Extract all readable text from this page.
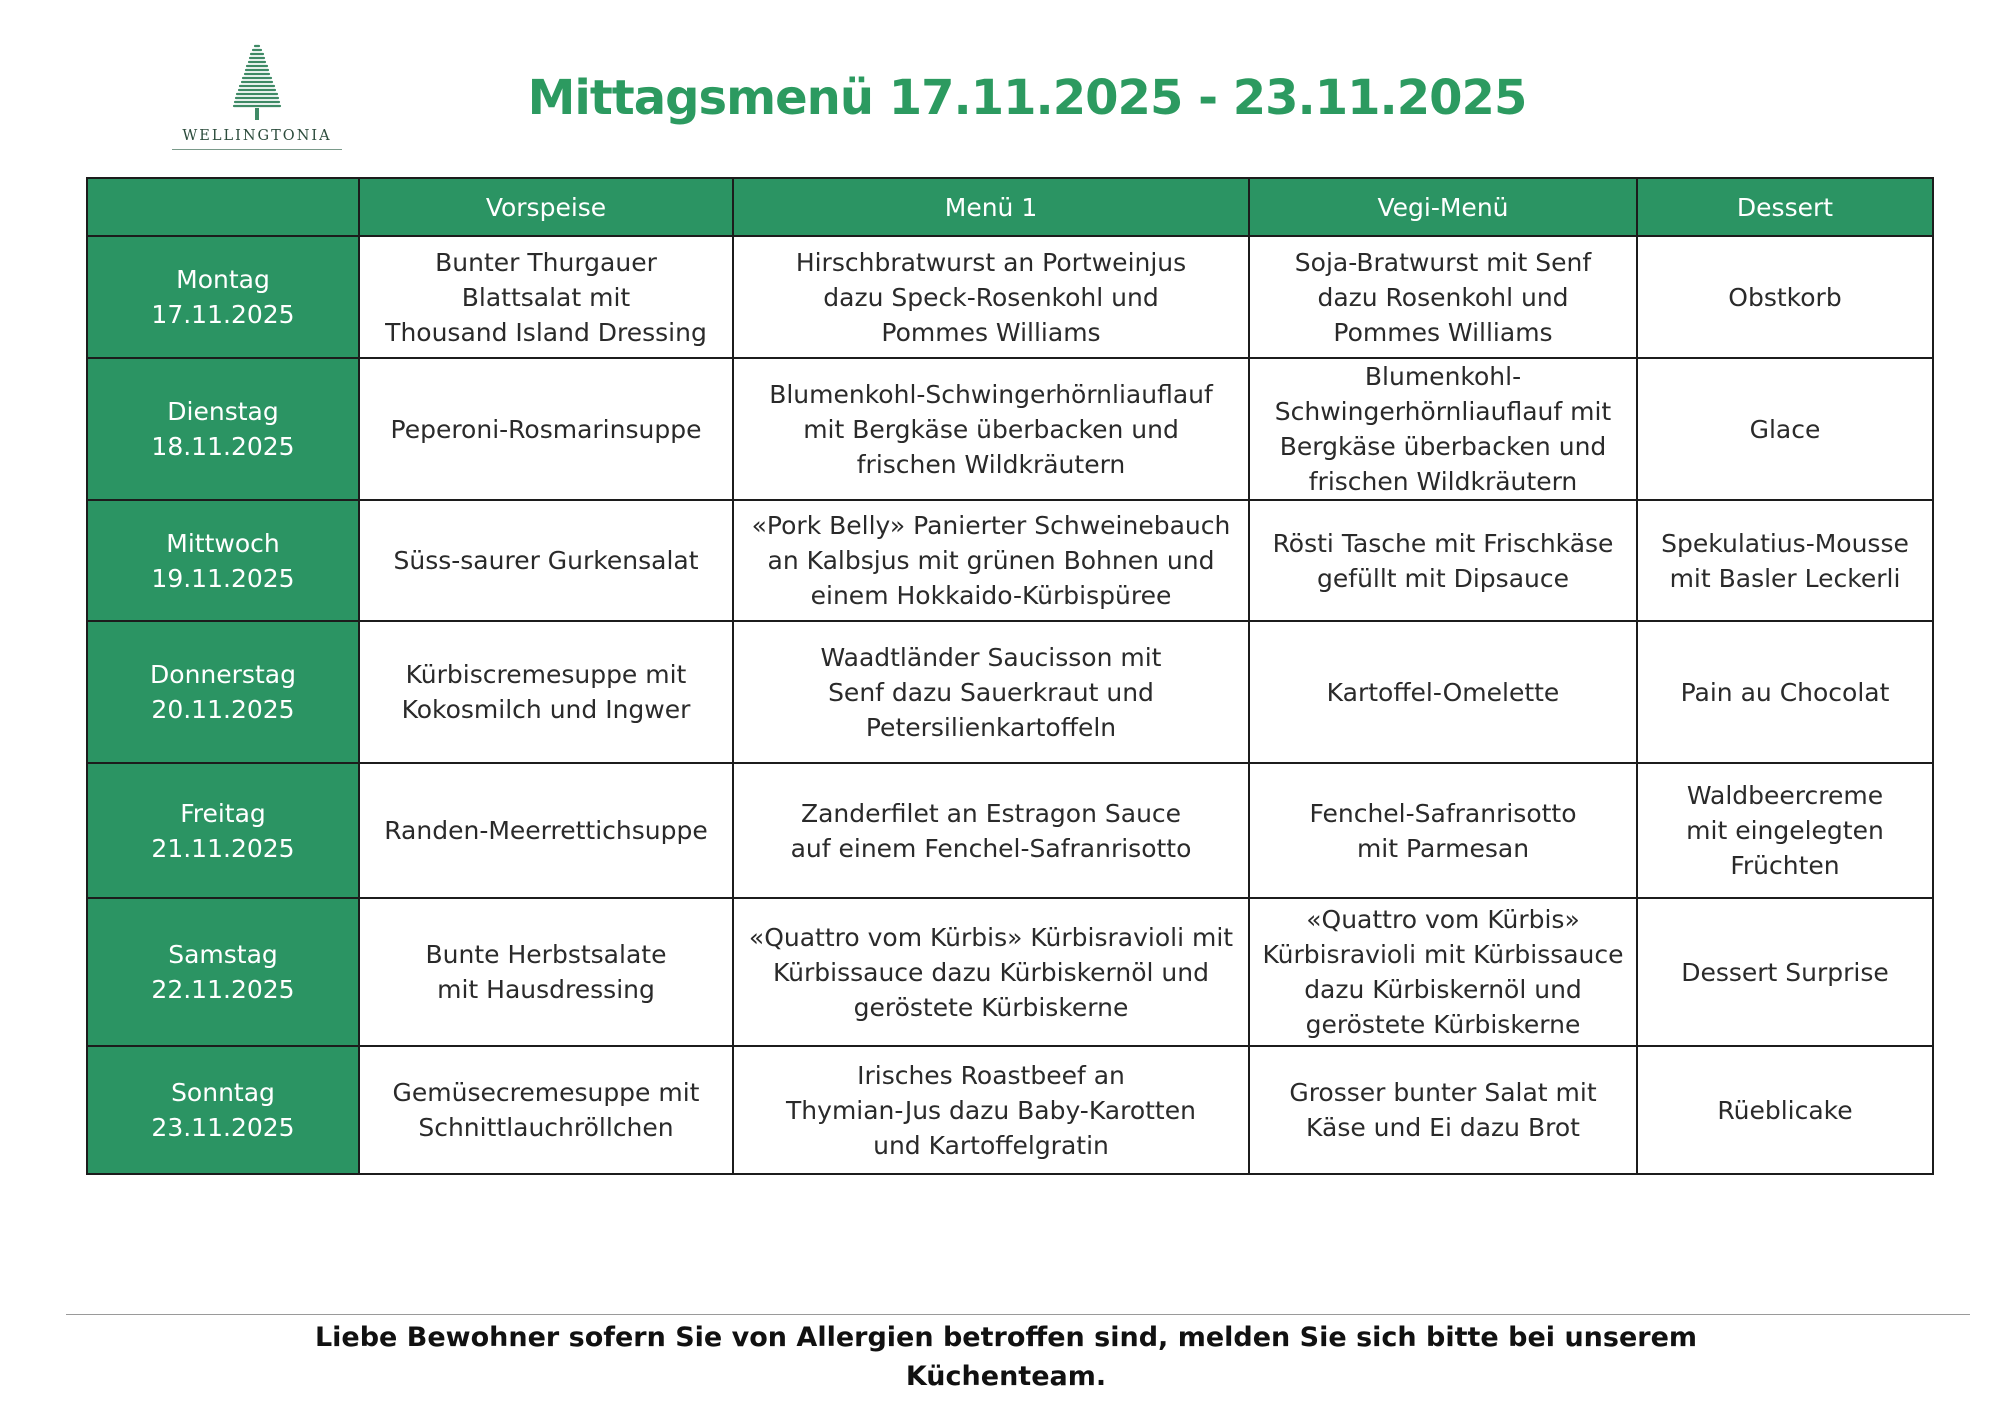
WELLINGTONIA
Mittagsmenü 17.11.2025 - 23.11.2025
	Vorspeise	Menü 1	Vegi-Menü	Dessert

Montag
17.11.2025	Bunter Thurgauer
Blattsalat mit
Thousand Island Dressing	Hirschbratwurst an Portweinjus
dazu Speck-Rosenkohl und
Pommes Williams	Soja-Bratwurst mit Senf
dazu Rosenkohl und
Pommes Williams	Obstkorb

Dienstag
18.11.2025	Peperoni-Rosmarinsuppe	Blumenkohl-Schwingerhörnliauflauf
mit Bergkäse überbacken und
frischen Wildkräutern	Blumenkohl-
Schwingerhörnliauflauf mit
Bergkäse überbacken und
frischen Wildkräutern	Glace

Mittwoch
19.11.2025	Süss-saurer Gurkensalat	«Pork Belly» Panierter Schweinebauch
an Kalbsjus mit grünen Bohnen und
einem Hokkaido-Kürbispüree	Rösti Tasche mit Frischkäse
gefüllt mit Dipsauce	Spekulatius-Mousse
mit Basler Leckerli

Donnerstag
20.11.2025	Kürbiscremesuppe mit
Kokosmilch und Ingwer	Waadtländer Saucisson mit
Senf dazu Sauerkraut und
Petersilienkartoffeln	Kartoffel-Omelette	Pain au Chocolat

Freitag
21.11.2025	Randen-Meerrettichsuppe	Zanderfilet an Estragon Sauce
auf einem Fenchel-Safranrisotto	Fenchel-Safranrisotto
mit Parmesan	Waldbeercreme
mit eingelegten
Früchten

Samstag
22.11.2025	Bunte Herbstsalate
mit Hausdressing	«Quattro vom Kürbis» Kürbisravioli mit
Kürbissauce dazu Kürbiskernöl und
geröstete Kürbiskerne	«Quattro vom Kürbis»
Kürbisravioli mit Kürbissauce
dazu Kürbiskernöl und
geröstete Kürbiskerne	Dessert Surprise

Sonntag
23.11.2025	Gemüsecremesuppe mit
Schnittlauchröllchen	Irisches Roastbeef an
Thymian-Jus dazu Baby-Karotten
und Kartoffelgratin	Grosser bunter Salat mit
Käse und Ei dazu Brot	Rüeblicake
Liebe Bewohner sofern Sie von Allergien betroffen sind, melden Sie sich bitte bei unserem
Küchenteam.
